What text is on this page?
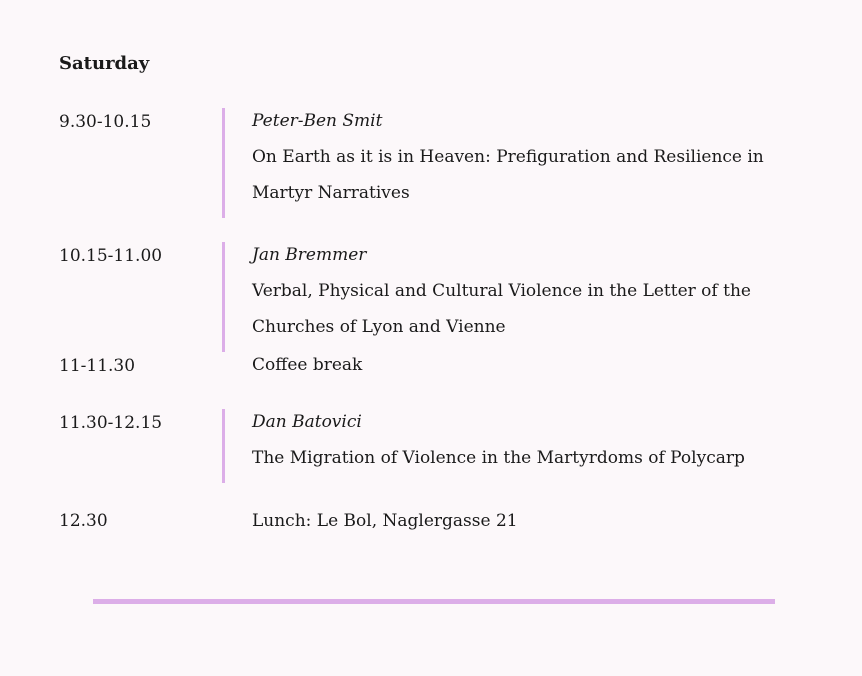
Saturday
9.30-10.15	Peter-Ben Smit
On Earth as it is in Heaven: Prefiguration and Resilience in Martyr Narratives
10.15-11.00	Jan Bremmer
Verbal, Physical and Cultural Violence in the Letter of the Churches of Lyon and Vienne
11-11.30	Coffee break
11.30-12.15	Dan Batovici
The Migration of Violence in the Martyrdoms of Polycarp
12.30	Lunch: Le Bol, Naglergasse 21
